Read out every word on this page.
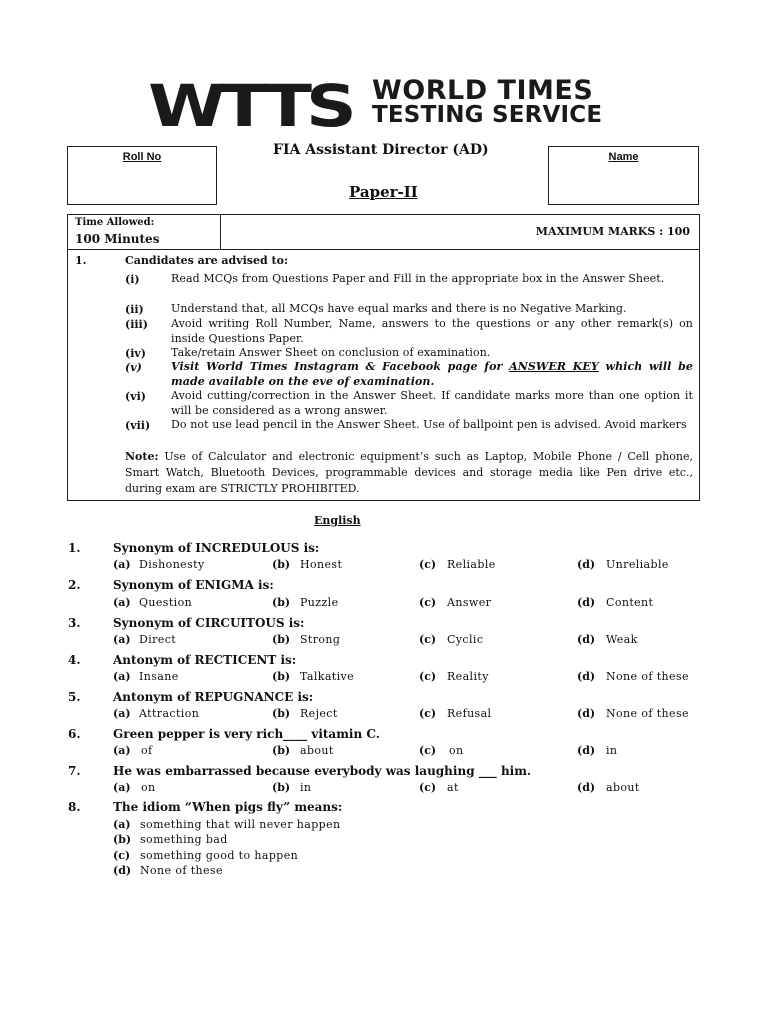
WTTS WORLD TIMES
TESTING SERVICE
Roll No	Name
FIA Assistant Director (AD)
Paper-II
Time Allowed:
100 Minutes
MAXIMUM MARKS : 100
1.	Candidates are advised to:
(i)	Read MCQs from Questions Paper and Fill in the appropriate box in the Answer Sheet.
(ii) Understand that, all MCQs have equal marks and there is no Negative Marking.
(iii) Avoid writing Roll Number, Name, answers to the questions or any other remark(s) on inside Questions Paper.
(iv) Take/retain Answer Sheet on conclusion of examination.
(v)	Visit World Times Instagram & Facebook page for ANSWER KEY which will be made available on the eve of examination.
(vi) Avoid cutting/correction in the Answer Sheet. If candidate marks more than one option it will be considered as a wrong answer.
(vii) Do not use lead pencil in the Answer Sheet. Use of ballpoint pen is advised. Avoid markers
Note: Use of Calculator and electronic equipment’s such as Laptop, Mobile Phone / Cell phone, Smart Watch, Bluetooth Devices, programmable devices and storage media like Pen drive etc., during exam are STRICTLY PROHIBITED.
English
1.	Synonym of INCREDULOUS is:
(a) Dishonesty	(b) Honest	(c) Reliable	(d) Unreliable
2.	Synonym of ENIGMA is:
(a) Question	(b) Puzzle	(c) Answer	(d) Content
3.	Synonym of CIRCUITOUS is:
(a) Direct	(b) Strong	(c) Cyclic	(d) Weak
4.	Antonym of RECTICENT is:
(a) Insane	(b) Talkative	(c) Reality	(d) None of these
5.	Antonym of REPUGNANCE is:
(a) Attraction	(b) Reject	(c) Refusal	(d) None of these
6.	Green pepper is very rich____ vitamin C.
(a) of	(b) about	(c) on	(d) in
7.	He was embarrassed because everybody was laughing ___ him.
(a) on	(b) in	(c) at	(d) about
8.	The idiom “When pigs fly” means:
(a) something that will never happen
(b) something bad
(c) something good to happen
(d) None of these
